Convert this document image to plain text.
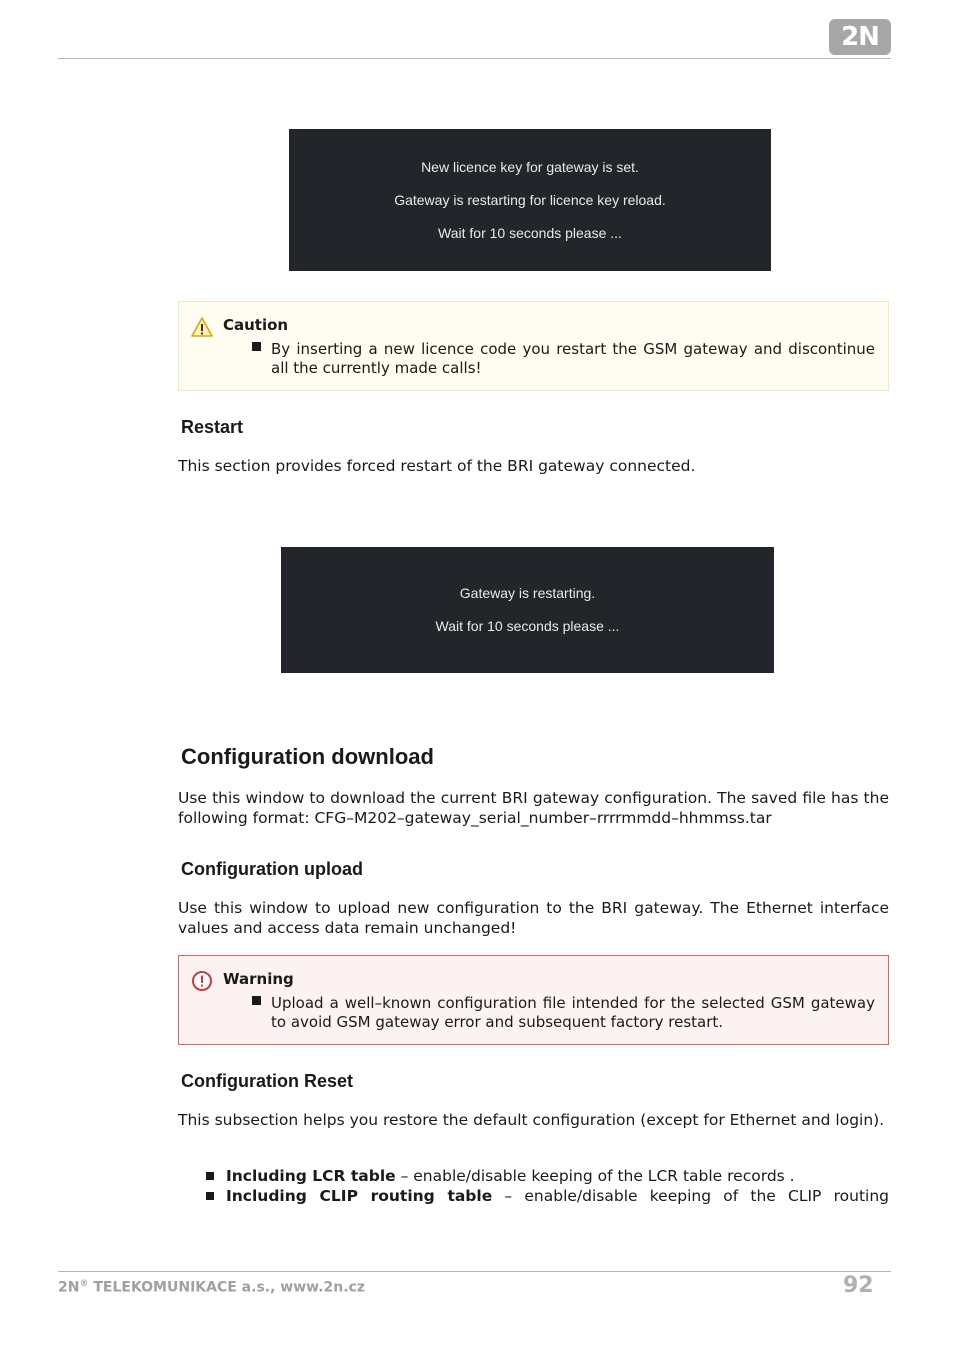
2N
New licence key for gateway is set.
Gateway is restarting for licence key reload.
Wait for 10 seconds please ...
Caution
By inserting a new licence code you restart the GSM gateway and discontinue all the currently made calls!
Restart
This section provides forced restart of the BRI gateway connected.
Gateway is restarting.
Wait for 10 seconds please ...
Configuration download
Use this window to download the current BRI gateway configuration. The saved file has the following format: CFG–M202–gateway_serial_number–rrrrmmdd–hhmmss.tar
Configuration upload
Use this window to upload new configuration to the BRI gateway. The Ethernet interface values and access data remain unchanged!
Warning
Upload a well–known configuration file intended for the selected GSM gateway to avoid GSM gateway error and subsequent factory restart.
Configuration Reset
This subsection helps you restore the default configuration (except for Ethernet and login).
Including LCR table – enable/disable keeping of the LCR table records .
Including CLIP routing table – enable/disable keeping of the CLIP routing
2N® TELEKOMUNIKACE a.s., www.2n.cz	92
